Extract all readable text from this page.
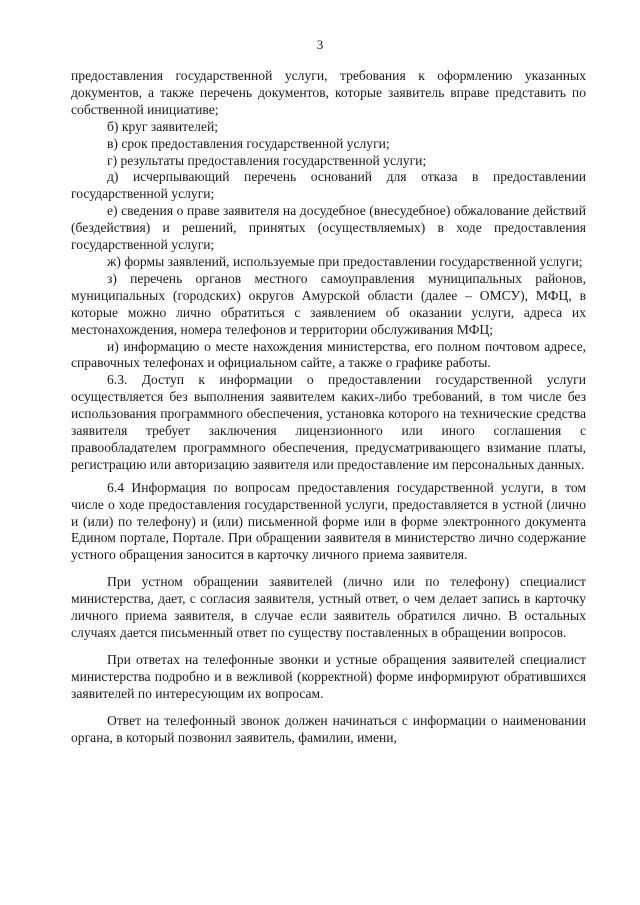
3

предоставления государственной услуги, требования к оформлению указанных документов, а также перечень документов, которые заявитель вправе представить по собственной инициативе;

б) круг заявителей;

в) срок предоставления государственной услуги;

г) результаты предоставления государственной услуги;

д) исчерпывающий перечень оснований для отказа в предоставлении государственной услуги;

е) сведения о праве заявителя на досудебное (внесудебное) обжалование действий (бездействия) и решений, принятых (осуществляемых) в ходе предоставления государственной услуги;

ж) формы заявлений, используемые при предоставлении государственной услуги;

з) перечень органов местного самоуправления муниципальных районов, муниципальных (городских) округов Амурской области (далее – ОМСУ), МФЦ, в которые можно лично обратиться с заявлением об оказании услуги, адреса их местонахождения, номера телефонов и территории обслуживания МФЦ;

и) информацию о месте нахождения министерства, его полном почтовом адресе, справочных телефонах и официальном сайте, а также о графике работы.

6.3. Доступ к информации о предоставлении государственной услуги осуществляется без выполнения заявителем каких-либо требований, в том числе без использования программного обеспечения, установка которого на технические средства заявителя требует заключения лицензионного или иного соглашения с правообладателем программного обеспечения, предусматривающего взимание платы, регистрацию или авторизацию заявителя или предоставление им персональных данных.

6.4 Информация по вопросам предоставления государственной услуги, в том числе о ходе предоставления государственной услуги, предоставляется в устной (лично и (или) по телефону) и (или) письменной форме или в форме электронного документа Едином портале, Портале. При обращении заявителя в министерство лично содержание устного обращения заносится в карточку личного приема заявителя.

При устном обращении заявителей (лично или по телефону) специалист министерства, дает, с согласия заявителя, устный ответ, о чем делает запись в карточку личного приема заявителя, в случае если заявитель обратился лично. В остальных случаях дается письменный ответ по существу поставленных в обращении вопросов.

При ответах на телефонные звонки и устные обращения заявителей специалист министерства подробно и в вежливой (корректной) форме информируют обратившихся заявителей по интересующим их вопросам.

Ответ на телефонный звонок должен начинаться с информации о наименовании органа, в который позвонил заявитель, фамилии, имени,
